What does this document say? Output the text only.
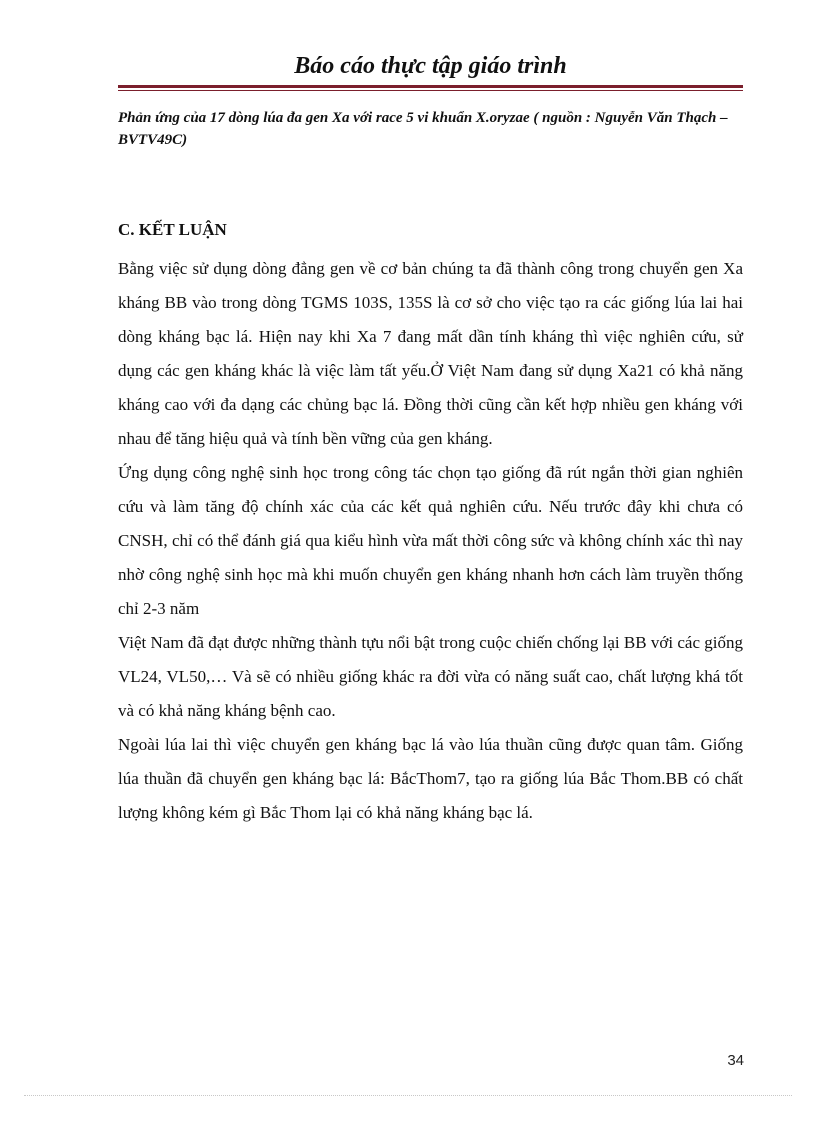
Báo cáo thực tập giáo trình

Phản ứng của 17 dòng lúa đa gen Xa với race 5 vi khuẩn X.oryzae ( nguồn : Nguyễn Văn Thạch –BVTV49C)

C. KẾT LUẬN

Bằng việc sử dụng dòng đẳng gen về cơ bản chúng ta đã thành công trong chuyển gen Xa kháng BB vào trong dòng TGMS 103S, 135S là cơ sở cho việc tạo ra các giống lúa lai hai dòng kháng bạc lá. Hiện nay khi Xa 7 đang mất dần tính kháng thì việc nghiên cứu, sử dụng các gen kháng khác là việc làm tất yếu.Ở Việt Nam đang sử dụng Xa21 có khả năng kháng cao với đa dạng các chủng bạc lá. Đồng thời cũng cần kết hợp nhiều gen kháng với nhau để tăng hiệu quả và tính bền vững của gen kháng.

Ứng dụng công nghệ sinh học trong công tác chọn tạo giống đã rút ngắn thời gian nghiên cứu và làm tăng độ chính xác của các kết quả nghiên cứu. Nếu trước đây khi chưa có CNSH, chỉ có thể đánh giá qua kiểu hình vừa mất thời công sức và không chính xác thì nay nhờ công nghệ sinh học mà khi muốn chuyển gen kháng nhanh hơn cách làm truyền thống chỉ 2-3 năm

Việt Nam đã đạt được những thành tựu nổi bật trong cuộc chiến chống lại BB với các giống VL24, VL50,… Và sẽ có nhiều giống khác ra đời vừa có năng suất cao, chất lượng khá tốt và có khả năng kháng bệnh cao.

Ngoài lúa lai thì việc chuyển gen kháng bạc lá vào lúa thuần cũng được quan tâm. Giống lúa thuần đã chuyển gen kháng bạc lá: BắcThom7, tạo ra giống lúa Bắc Thom.BB có chất lượng không kém gì Bắc Thom lại có khả năng kháng bạc lá.

34
